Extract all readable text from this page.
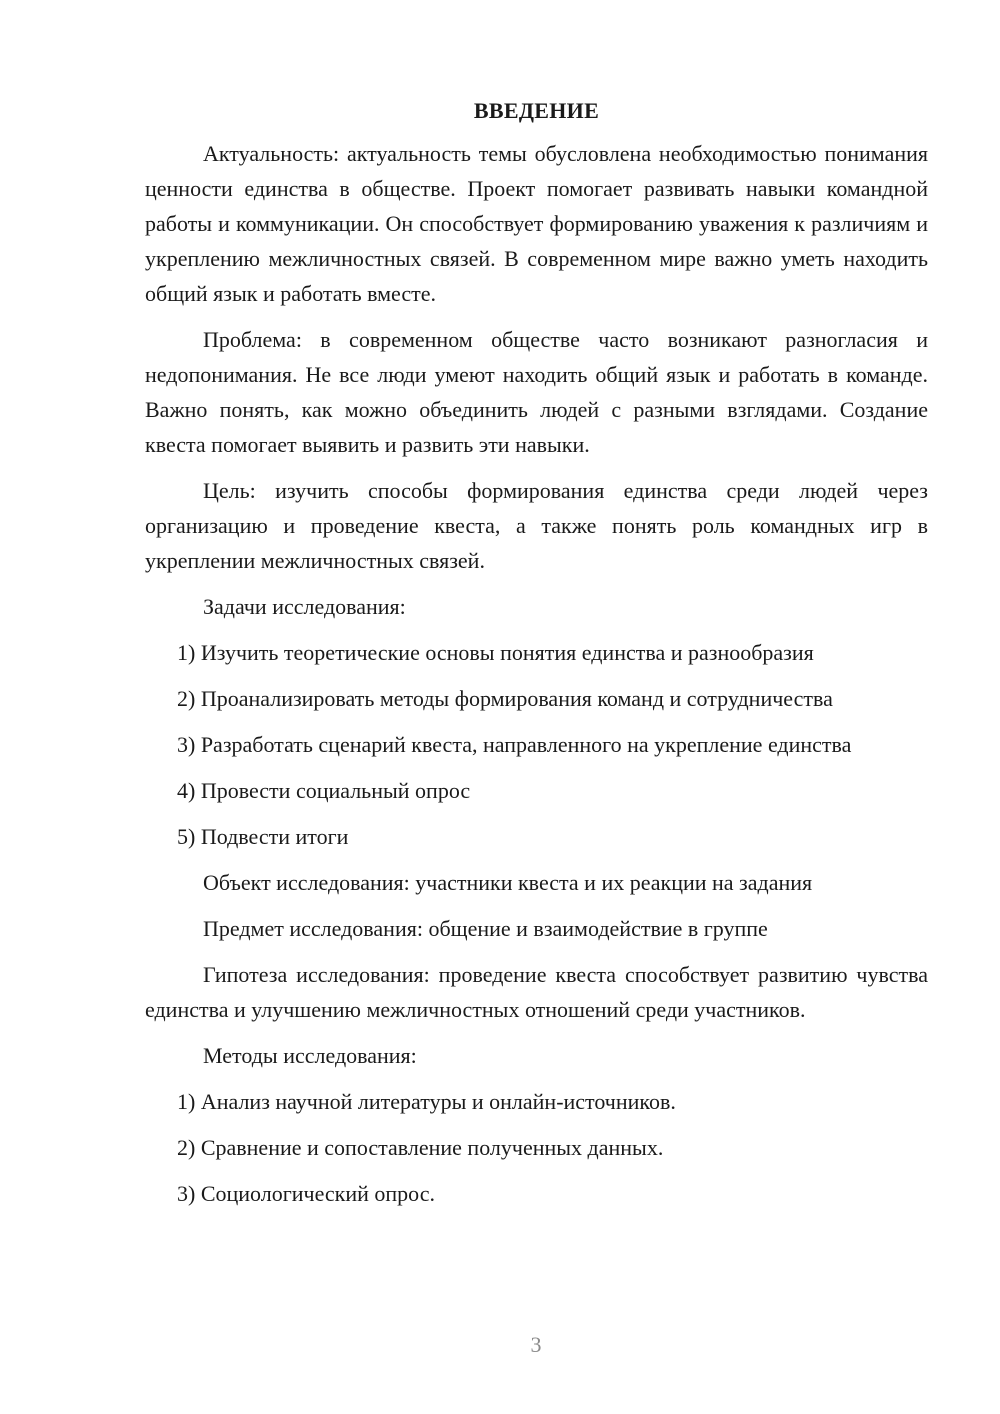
ВВЕДЕНИЕ

Актуальность: актуальность темы обусловлена необходимостью понимания ценности единства в обществе. Проект помогает развивать навыки командной работы и коммуникации. Он способствует формированию уважения к различиям и укреплению межличностных связей. В современном мире важно уметь находить общий язык и работать вместе.

Проблема: в современном обществе часто возникают разногласия и недопонимания. Не все люди умеют находить общий язык и работать в команде. Важно понять, как можно объединить людей с разными взглядами. Создание квеста помогает выявить и развить эти навыки.

Цель: изучить способы формирования единства среди людей через организацию и проведение квеста, а также понять роль командных игр в укреплении межличностных связей.

Задачи исследования:

1) Изучить теоретические основы понятия единства и разнообразия

2) Проанализировать методы формирования команд и сотрудничества

3) Разработать сценарий квеста, направленного на укрепление единства

4) Провести социальный опрос

5) Подвести итоги

Объект исследования: участники квеста и их реакции на задания

Предмет исследования: общение и взаимодействие в группе

Гипотеза исследования: проведение квеста способствует развитию чувства единства и улучшению межличностных отношений среди участников.

Методы исследования:

1) Анализ научной литературы и онлайн-источников.

2) Сравнение и сопоставление полученных данных.

3) Социологический опрос.

3
